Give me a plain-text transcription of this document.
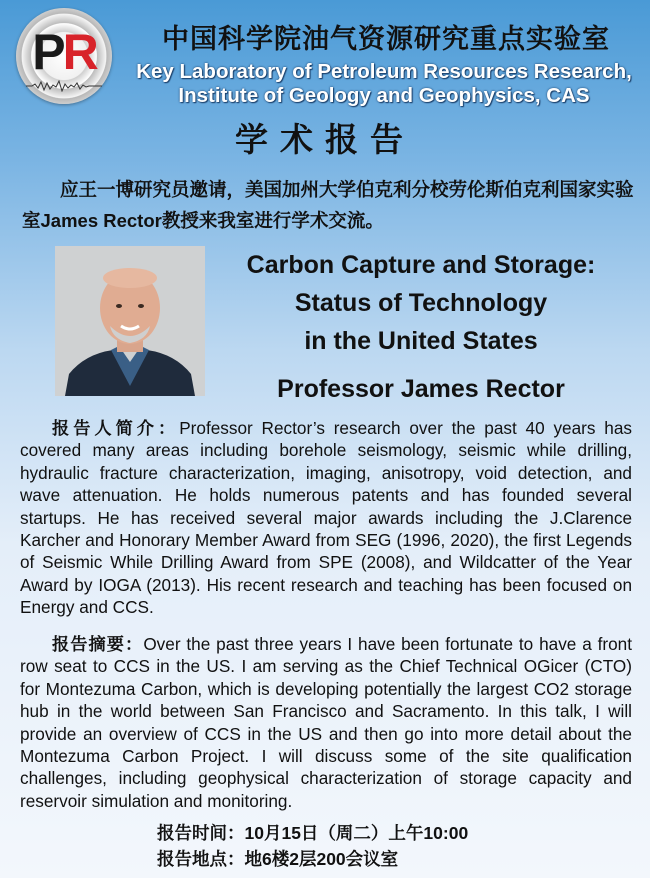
PR	中国科学院油气资源研究重点实验室
Key Laboratory of Petroleum Resources Research,
Institute of Geology and Geophysics, CAS
学术报告
应王一博研究员邀请，美国加州大学伯克利分校劳伦斯伯克利国家实验室James Rector教授来我室进行学术交流。
Carbon Capture and Storage:
Status of Technology
in the United States
Professor James Rector
报告人简介：Professor Rector’s research over the past 40 years has covered many areas including borehole seismology, seismic while drilling, hydraulic fracture characterization, imaging, anisotropy, void detection, and wave attenuation. He holds numerous patents and has founded several startups. He has received several major awards including the J.Clarence Karcher and Honorary Member Award from SEG (1996, 2020), the first Legends of Seismic While Drilling Award from SPE (2008), and Wildcatter of the Year Award by IOGA (2013). His recent research and teaching has been focused on Energy and CCS.
报告摘要：Over the past three years I have been fortunate to have a front row seat to CCS in the US. I am serving as the Chief Technical OGicer (CTO) for Montezuma Carbon, which is developing potentially the largest CO2 storage hub in the world between San Francisco and Sacramento. In this talk, I will provide an overview of CCS in the US and then go into more detail about the Montezuma Carbon Project. I will discuss some of the site qualification challenges, including geophysical characterization of storage capacity and reservoir simulation and monitoring.
报告时间：10月15日（周二）上午10:00
报告地点：地6楼2层200会议室
